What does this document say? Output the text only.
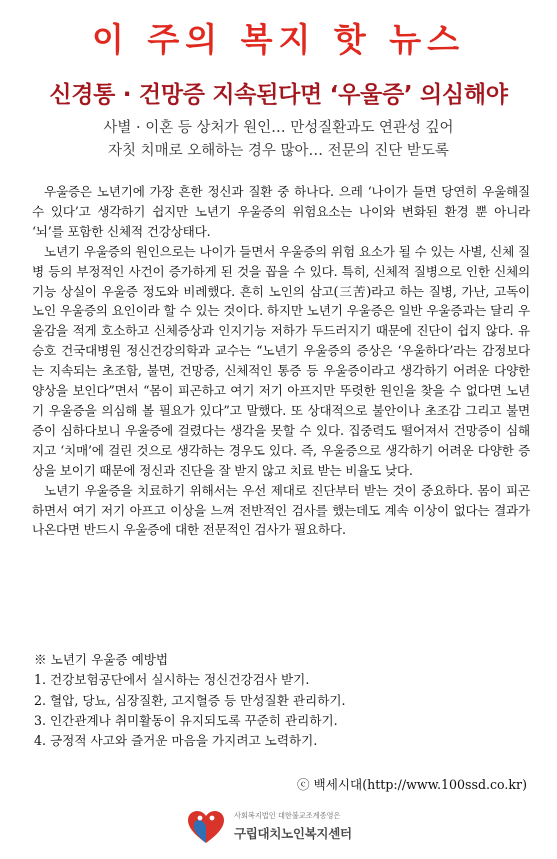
이 주의 복지 핫 뉴스
신경통 · 건망증 지속된다면 ‘우울증’ 의심해야
사별 · 이혼 등 상처가 원인… 만성질환과도 연관성 깊어
자칫 치매로 오해하는 경우 많아… 전문의 진단 받도록

우울증은 노년기에 가장 흔한 정신과 질환 중 하나다. 으레 ‘나이가 들면 당연히 우울해질 수 있다’고 생각하기 쉽지만 노년기 우울증의 위험요소는 나이와 변화된 환경 뿐 아니라 ‘뇌’를 포함한 신체적 건강상태다.

노년기 우울증의 원인으로는 나이가 들면서 우울증의 위험 요소가 될 수 있는 사별, 신체 질병 등의 부정적인 사건이 증가하게 된 것을 꼽을 수 있다. 특히, 신체적 질병으로 인한 신체의 기능 상실이 우울증 정도와 비례했다. 흔히 노인의 삼고(三苦)라고 하는 질병, 가난, 고독이 노인 우울증의 요인이라 할 수 있는 것이다. 하지만 노년기 우울증은 일반 우울증과는 달리 우울감을 적게 호소하고 신체증상과 인지기능 저하가 두드러지기 때문에 진단이 쉽지 않다. 유승호 건국대병원 정신건강의학과 교수는 “노년기 우울증의 증상은 ‘우울하다’라는 감정보다는 지속되는 초조함, 불면, 건망증, 신체적인 통증 등 우울증이라고 생각하기 어려운 다양한 양상을 보인다”면서 “몸이 피곤하고 여기 저기 아프지만 뚜렷한 원인을 찾을 수 없다면 노년기 우울증을 의심해 볼 필요가 있다”고 말했다. 또 상대적으로 불안이나 초조감 그리고 불면증이 심하다보니 우울증에 걸렸다는 생각을 못할 수 있다. 집중력도 떨어져서 건망증이 심해지고 ‘치매’에 걸린 것으로 생각하는 경우도 있다. 즉, 우울증으로 생각하기 어려운 다양한 증상을 보이기 때문에 정신과 진단을 잘 받지 않고 치료 받는 비율도 낮다.

노년기 우울증을 치료하기 위해서는 우선 제대로 진단부터 받는 것이 중요하다. 몸이 피곤하면서 여기 저기 아프고 이상을 느껴 전반적인 검사를 했는데도 계속 이상이 없다는 결과가 나온다면 반드시 우울증에 대한 전문적인 검사가 필요하다.

※ 노년기 우울증 예방법
1. 건강보험공단에서 실시하는 정신건강검사 받기.
2. 혈압, 당뇨, 심장질환, 고지혈증 등 만성질환 관리하기.
3. 인간관계나 취미활동이 유지되도록 꾸준히 관리하기.
4. 긍정적 사고와 즐거운 마음을 가지려고 노력하기.
ⓒ 백세시대(http://www.100ssd.co.kr)
사회복지법인 대한불교조계종영은
구립대치노인복지센터
